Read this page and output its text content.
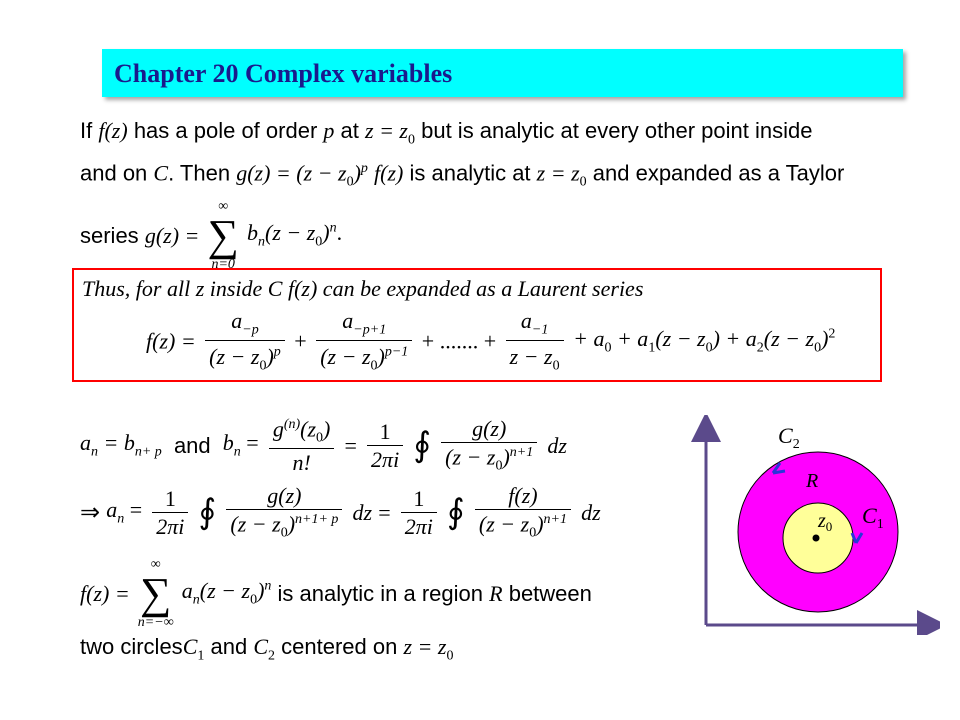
Chapter 20 Complex variables
If f(z) has a pole of order p at $z = z_0$ but is analytic at every other point inside
and on C. Then $g(z) = (z - z_0)^p$ f(z) is analytic at $z = z_0$ and expanded as a Taylor
series g(z) =
∞
∑
n=0
$b_n(z - z_0)^n$.
Thus, for all z inside C f(z) can be expanded as a Laurent series
$f(z) = \frac{a_{-p}}{(z - z_0)^p} + \frac{a_{-p+1}}{(z - z_0)^{p-1}}$ + ....... + $\frac{a_{-1}}{z - z_0} + a_0 + a_1(z - z_0) + a_2(z - z_0)^2$
$a_n = b_{n+ p}$ and $b_n = \frac{g^{(n)}(z_0)}{n!} = \frac{1}{2\pi i}$ ∮ $\frac{g(z)}{(z - z_0)^{n+1}}$ dz
⇒ $a_n = \frac{1}{2\pi i}$ ∮ $\frac{g(z)}{(z - z_0)^{n+1+ p}}$ dz = $\frac{1}{2\pi i}$ ∮ $\frac{f(z)}{(z - z_0)^{n+1}}$ dz
f(z) =
∞
∑
n=−∞
$a_n(z - z_0)^n$ is analytic in a region R between
two circlesC$_1$ and $C_2$ centered on $z = z_0$
$C_2$
R
$C_1$
$z_0$
